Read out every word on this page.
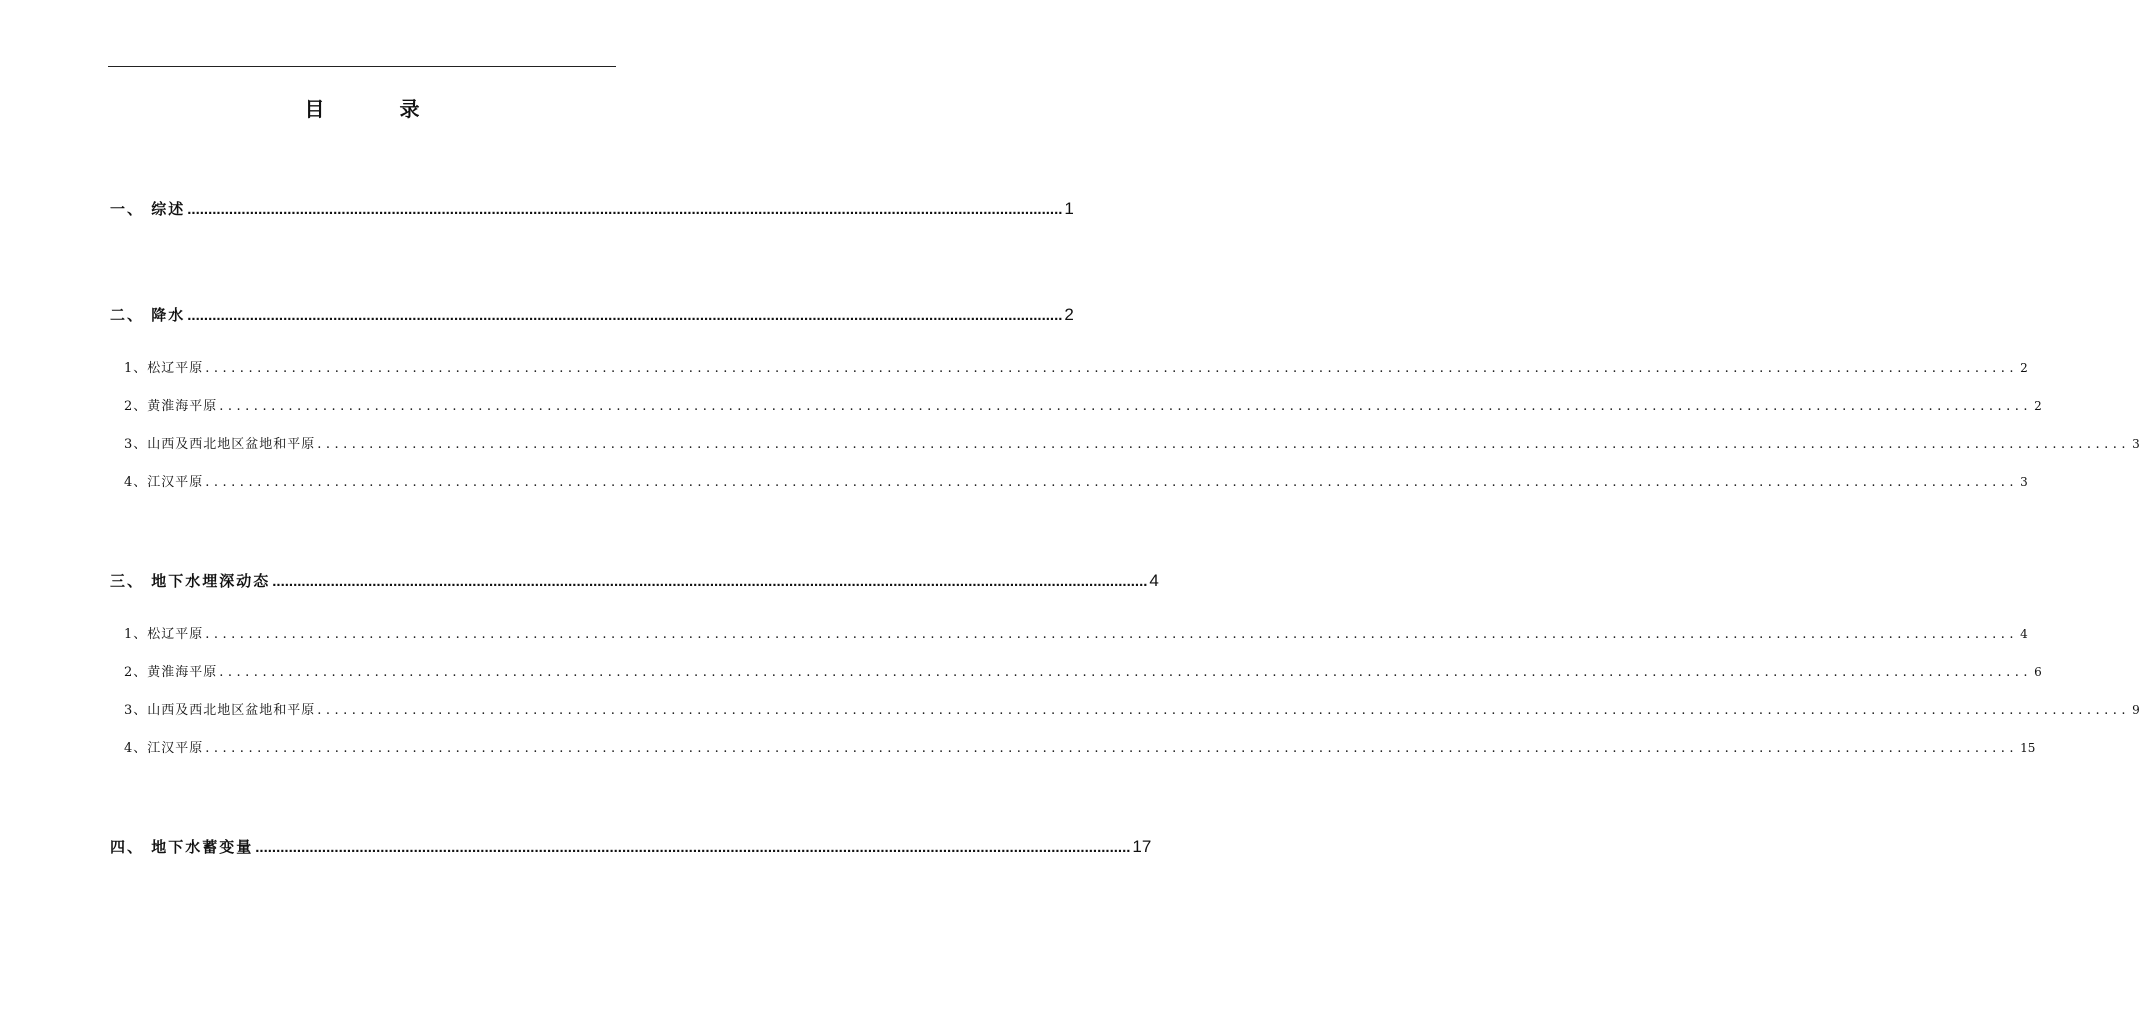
目 录
一、 综述 .................................................................................................................................................................................................................. 1
二、 降水 .................................................................................................................................................................................................................. 2
1、松辽平原 .................................................................................................................................................................................................................. 2
2、黄淮海平原 .................................................................................................................................................................................................................. 2
3、山西及西北地区盆地和平原 .................................................................................................................................................................................................................. 3
4、江汉平原 .................................................................................................................................................................................................................. 3
三、 地下水埋深动态 .................................................................................................................................................................................................................. 4
1、松辽平原 .................................................................................................................................................................................................................. 4
2、黄淮海平原 .................................................................................................................................................................................................................. 6
3、山西及西北地区盆地和平原 .................................................................................................................................................................................................................. 9
4、江汉平原 .................................................................................................................................................................................................................. 15
四、 地下水蓄变量 .................................................................................................................................................................................................................. 17
